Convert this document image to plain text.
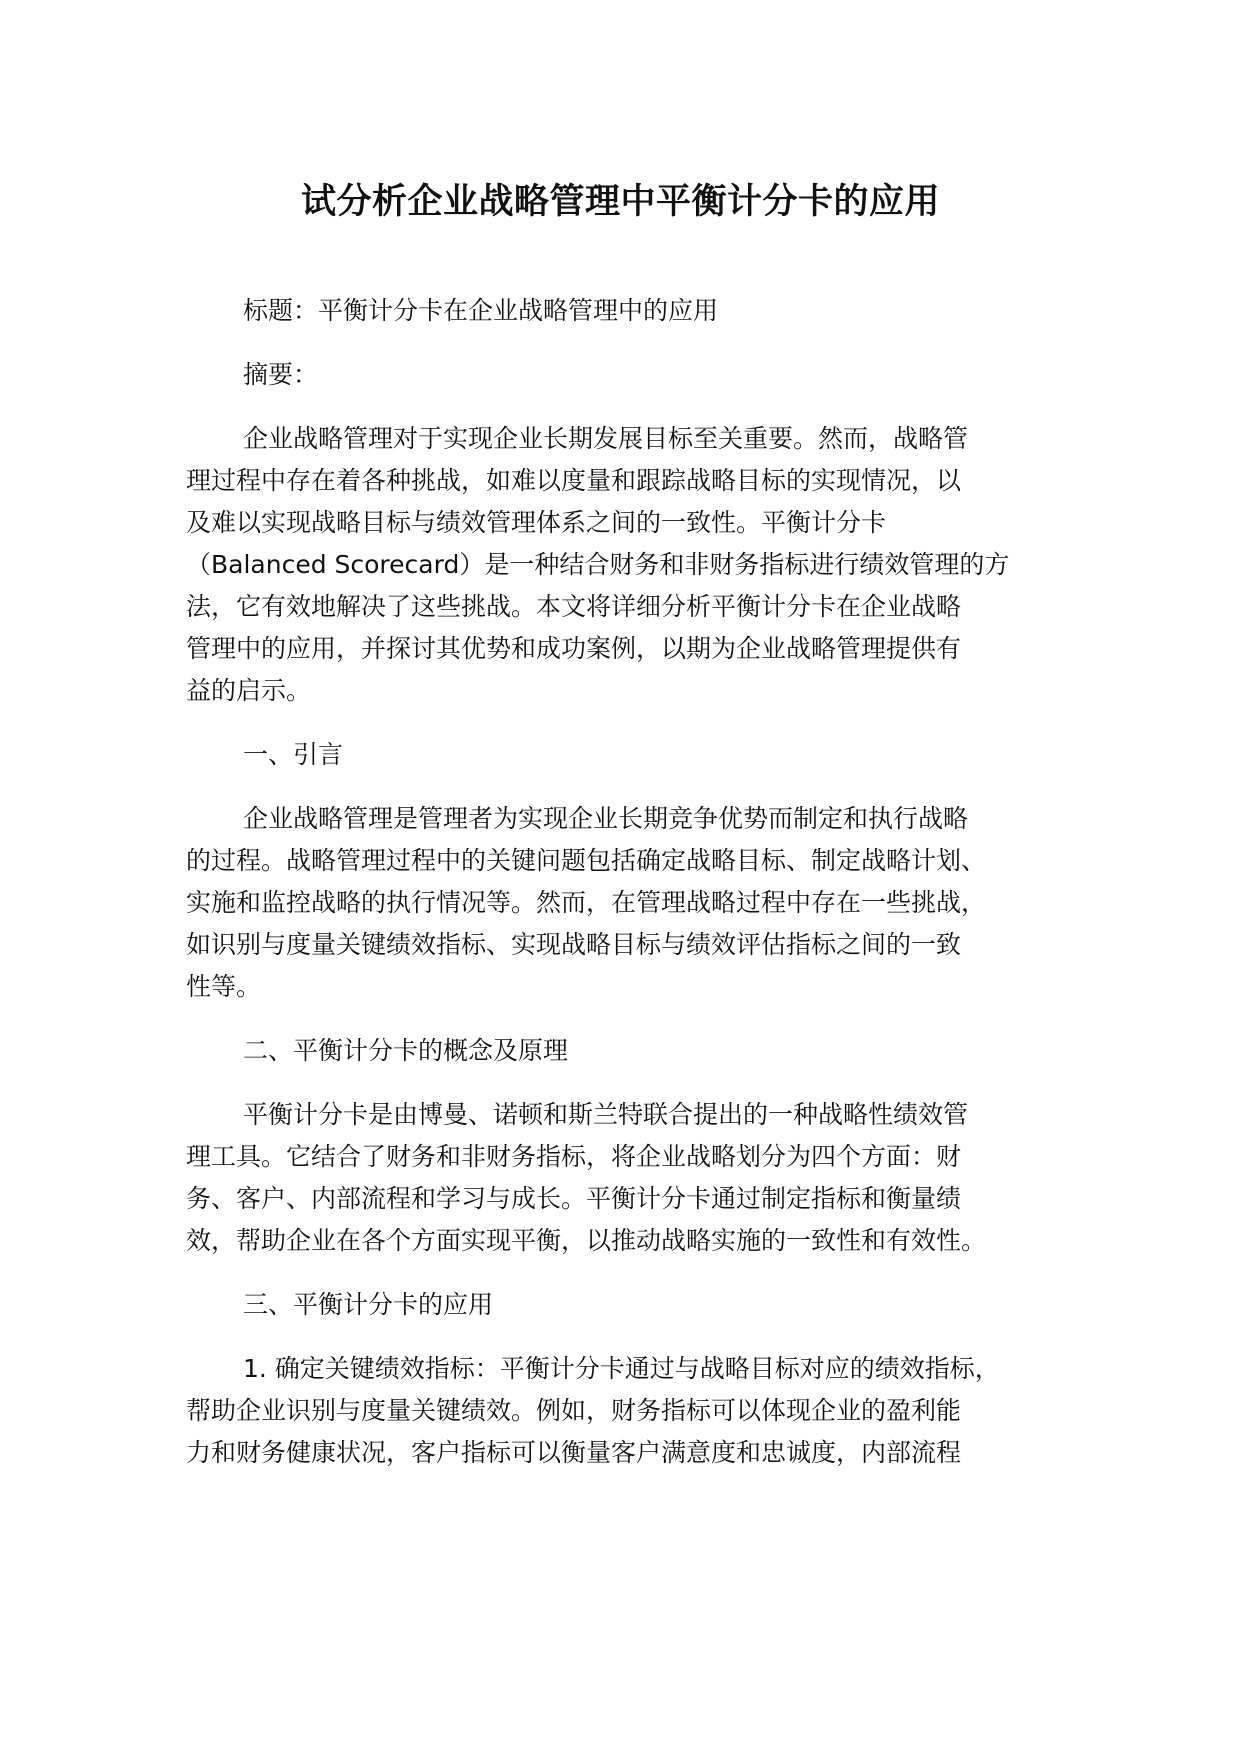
试分析企业战略管理中平衡计分卡的应用
标题：平衡计分卡在企业战略管理中的应用
摘要：
企业战略管理对于实现企业长期发展目标至关重要。然而，战略管
理过程中存在着各种挑战，如难以度量和跟踪战略目标的实现情况，以
及难以实现战略目标与绩效管理体系之间的一致性。平衡计分卡
（Balanced Scorecard）是一种结合财务和非财务指标进行绩效管理的方
法，它有效地解决了这些挑战。本文将详细分析平衡计分卡在企业战略
管理中的应用，并探讨其优势和成功案例，以期为企业战略管理提供有
益的启示。
一、引言
企业战略管理是管理者为实现企业长期竞争优势而制定和执行战略
的过程。战略管理过程中的关键问题包括确定战略目标、制定战略计划、
实施和监控战略的执行情况等。然而，在管理战略过程中存在一些挑战，
如识别与度量关键绩效指标、实现战略目标与绩效评估指标之间的一致
性等。
二、平衡计分卡的概念及原理
平衡计分卡是由博曼、诺顿和斯兰特联合提出的一种战略性绩效管
理工具。它结合了财务和非财务指标，将企业战略划分为四个方面：财
务、客户、内部流程和学习与成长。平衡计分卡通过制定指标和衡量绩
效，帮助企业在各个方面实现平衡，以推动战略实施的一致性和有效性。
三、平衡计分卡的应用
1. 确定关键绩效指标：平衡计分卡通过与战略目标对应的绩效指标，
帮助企业识别与度量关键绩效。例如，财务指标可以体现企业的盈利能
力和财务健康状况，客户指标可以衡量客户满意度和忠诚度，内部流程
